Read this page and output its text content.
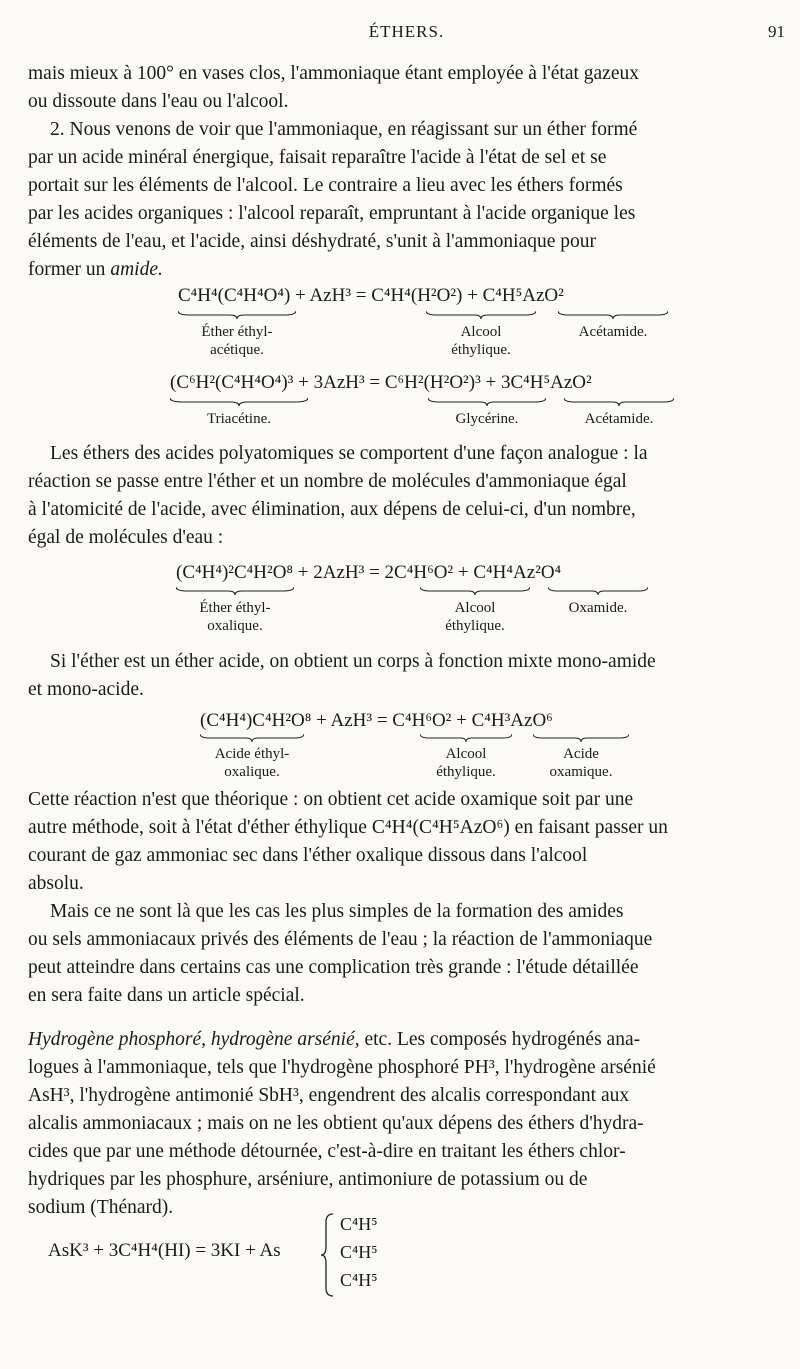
ÉTHERS.	91
mais mieux à 100° en vases clos, l'ammoniaque étant employée à l'état gazeux
ou dissoute dans l'eau ou l'alcool.
2. Nous venons de voir que l'ammoniaque, en réagissant sur un éther formé
par un acide minéral énergique, faisait reparaître l'acide à l'état de sel et se
portait sur les éléments de l'alcool. Le contraire a lieu avec les éthers formés
par les acides organiques : l'alcool reparaît, empruntant à l'acide organique les
éléments de l'eau, et l'acide, ainsi déshydraté, s'unit à l'ammoniaque pour
former un amide.
C⁴H⁴(C⁴H⁴O⁴) + AzH³ = C⁴H⁴(H²O²) + C⁴H⁵AzO²
Éther éthyl-
acétique.
Alcool
éthylique.
Acétamide.
(C⁶H²(C⁴H⁴O⁴)³ + 3AzH³ = C⁶H²(H²O²)³ + 3C⁴H⁵AzO²
Triacétine.	Glycérine.	Acétamide.
Les éthers des acides polyatomiques se comportent d'une façon analogue : la
réaction se passe entre l'éther et un nombre de molécules d'ammoniaque égal
à l'atomicité de l'acide, avec élimination, aux dépens de celui-ci, d'un nombre,
égal de molécules d'eau :
(C⁴H⁴)²C⁴H²O⁸ + 2AzH³ = 2C⁴H⁶O² + C⁴H⁴Az²O⁴
Éther éthyl-
oxalique.
Alcool
éthylique.
Oxamide.
Si l'éther est un éther acide, on obtient un corps à fonction mixte mono-amide
et mono-acide.
(C⁴H⁴)C⁴H²O⁸ + AzH³ = C⁴H⁶O² + C⁴H³AzO⁶
Acide éthyl-
oxalique.
Alcool
éthylique.
Acide
oxamique.
Cette réaction n'est que théorique : on obtient cet acide oxamique soit par une
autre méthode, soit à l'état d'éther éthylique C⁴H⁴(C⁴H⁵AzO⁶) en faisant passer un
courant de gaz ammoniac sec dans l'éther oxalique dissous dans l'alcool
absolu.
Mais ce ne sont là que les cas les plus simples de la formation des amides
ou sels ammoniacaux privés des éléments de l'eau ; la réaction de l'ammoniaque
peut atteindre dans certains cas une complication très grande : l'étude détaillée
en sera faite dans un article spécial.
Hydrogène phosphoré, hydrogène arsénié, etc. Les composés hydrogénés ana-
logues à l'ammoniaque, tels que l'hydrogène phosphoré PH³, l'hydrogène arsénié
AsH³, l'hydrogène antimonié SbH³, engendrent des alcalis correspondant aux
alcalis ammoniacaux ; mais on ne les obtient qu'aux dépens des éthers d'hydra-
cides que par une méthode détournée, c'est-à-dire en traitant les éthers chlor-
hydriques par les phosphure, arséniure, antimoniure de potassium ou de
sodium (Thénard).
AsK³ + 3C⁴H⁴(HI) = 3KI + As
C⁴H⁵
C⁴H⁵
C⁴H⁵
